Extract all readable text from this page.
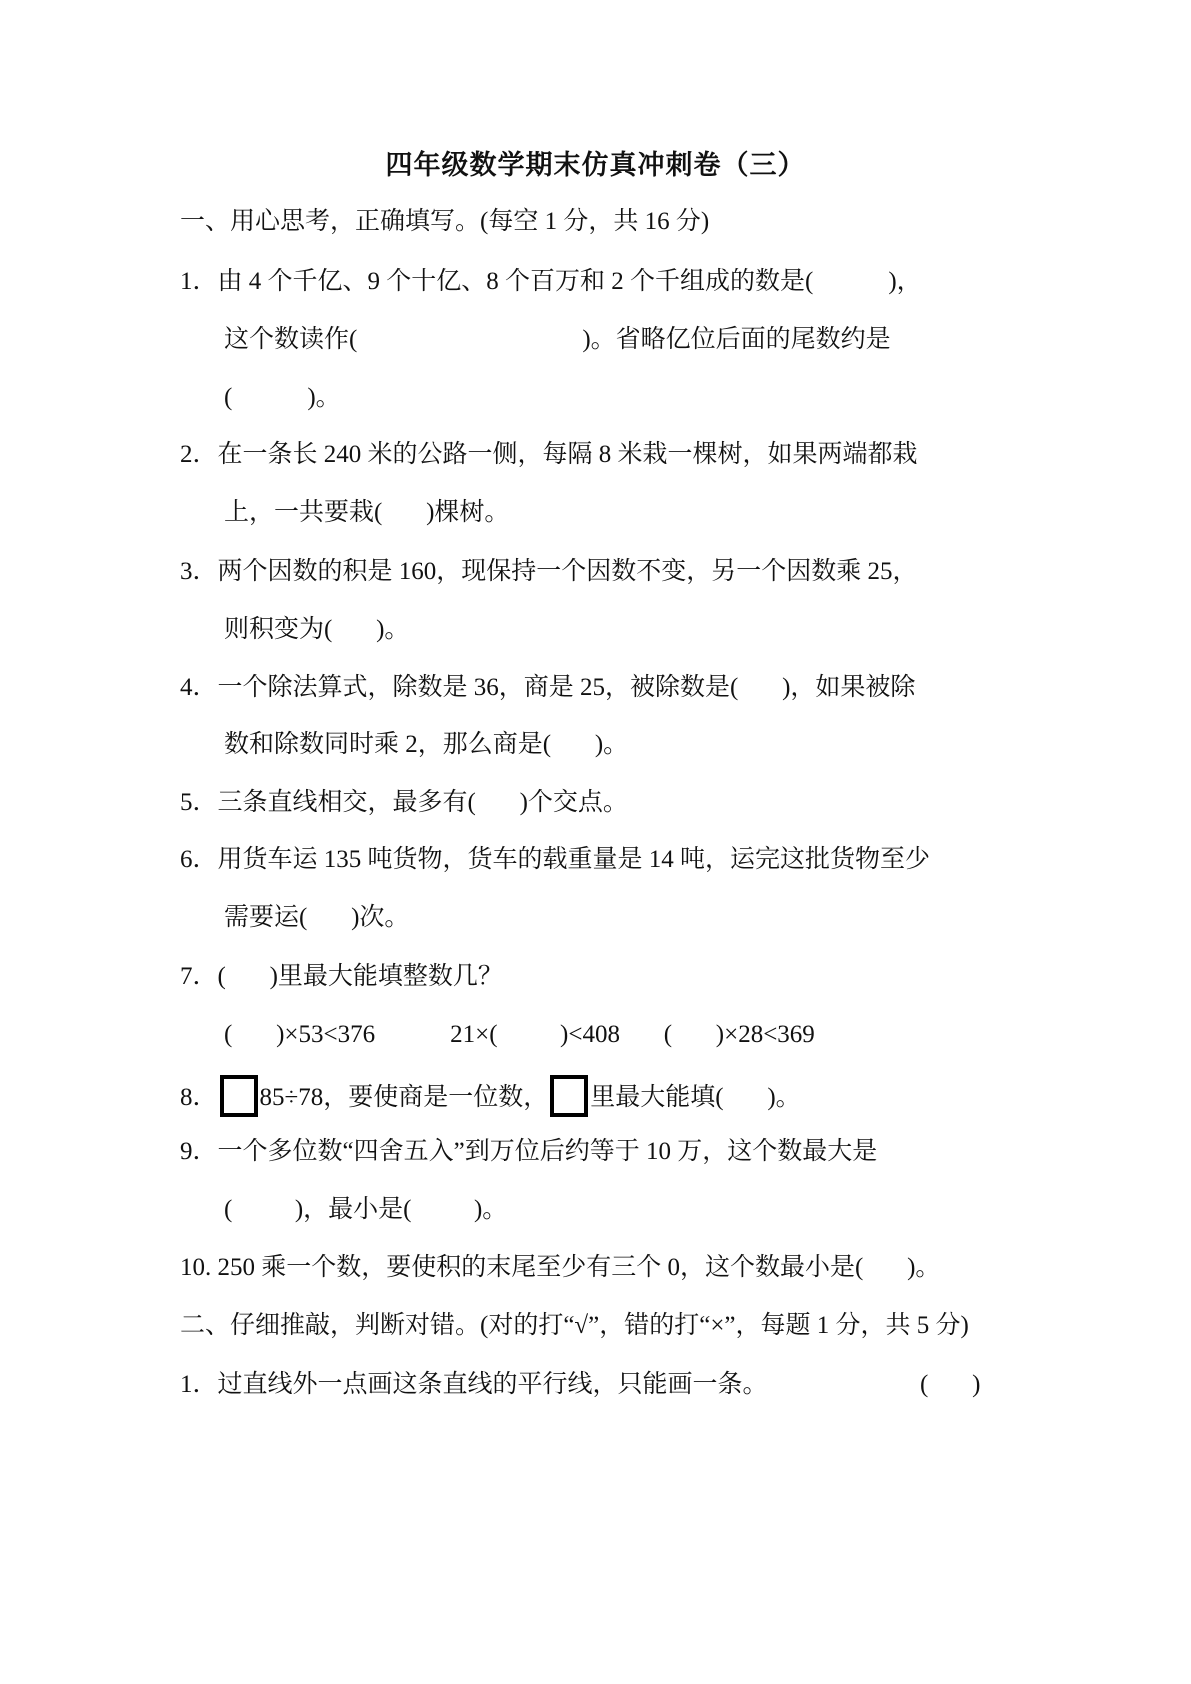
四年级数学期末仿真冲刺卷（三）
一、用心思考，正确填写。(每空 1 分，共 16 分)
1．由 4 个千亿、9 个十亿、8 个百万和 2 个千组成的数是(            )，
这个数读作(                                    )。省略亿位后面的尾数约是
(            )。
2．在一条长 240 米的公路一侧，每隔 8 米栽一棵树，如果两端都栽
上，一共要栽(       )棵树。
3．两个因数的积是 160，现保持一个因数不变，另一个因数乘 25，
则积变为(       )。
4．一个除法算式，除数是 36，商是 25，被除数是(       )，如果被除
数和除数同时乘 2，那么商是(       )。
5．三条直线相交，最多有(       )个交点。
6．用货车运 135 吨货物，货车的载重量是 14 吨，运完这批货物至少
需要运(       )次。
7．(       )里最大能填整数几？
(       )×53<376            21×(          )<408       (       )×28<369
8． 85÷78，要使商是一位数， 里最大能填(       )。
9．一个多位数“四舍五入”到万位后约等于 10 万，这个数最大是
(          )，最小是(          )。
10. 250 乘一个数，要使积的末尾至少有三个 0，这个数最小是(       )。
二、仔细推敲，判断对错。(对的打“√”，错的打“×”，每题 1 分，共 5 分)
1．过直线外一点画这条直线的平行线，只能画一条。	(       )
